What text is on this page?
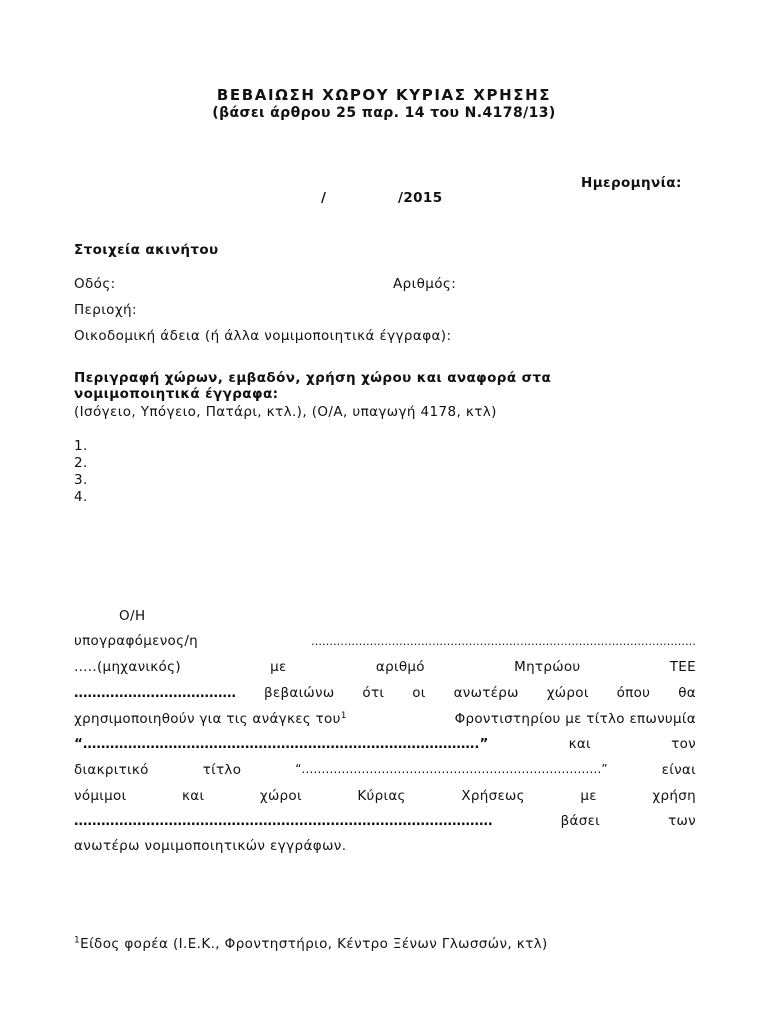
ΒΕΒΑΙΩΣΗ ΧΩΡΟΥ ΚΥΡΙΑΣ ΧΡΗΣΗΣ
(βάσει άρθρου 25 παρ. 14 του Ν.4178/13)
Ημερομηνία:
/	/2015
Στοιχεία ακινήτου
Οδός:	Αριθμός:
Περιοχή:
Οικοδομική άδεια (ή άλλα νομιμοποιητικά έγγραφα):
Περιγραφή χώρων, εμβαδόν, χρήση χώρου και αναφορά στα
νομιμοποιητικά έγγραφα:
(Ισόγειο, Υπόγειο, Πατάρι, κτλ.), (Ο/Α, υπαγωγή 4178, κτλ)
1.
2.
3.
4.
Ο/Η
υπογραφόμενος/η	……………………………………………………………………………………………
…..(μηχανικός)	με	αριθμό	Μητρώου	ΤΕΕ
……………………………… βεβαιώνω ότι οι ανωτέρω χώροι όπου θα
χρησιμοποιηθούν για τις ανάγκες του1	Φροντιστηρίου με τίτλο επωνυμία
“…………………………………………………………………………….”	και	τον
διακριτικό	τίτλο	“…………………………………………………………………”	είναι
νόμιμοι	και	χώροι	Κύριας	Χρήσεως	με	χρήση
…………………………………………………………………………………	βάσει	των
ανωτέρω νομιμοποιητικών εγγράφων.
$^1$Είδος φορέα (Ι.Ε.Κ., Φροντηστήριο, Κέντρο Ξένων Γλωσσών, κτλ)
